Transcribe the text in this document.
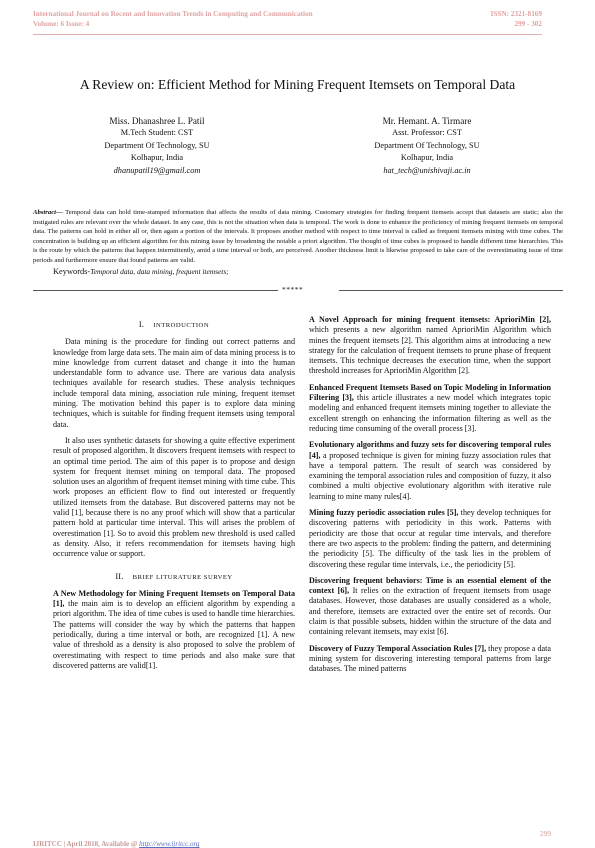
International Journal on Recent and Innovation Trends in Computing and Communication
Volume: 6 Issue: 4
ISSN: 2321-8169
299 - 302
A Review on: Efficient Method for Mining Frequent Itemsets on Temporal Data
Miss. Dhanashree L. Patil
M.Tech Student: CST
Department Of Technology, SU
Kolhapur, India
dhanupatil19@gmail.com
Mr. Hemant. A. Tirmare
Asst. Professor: CST
Department Of Technology, SU
Kolhapur, India
hat_tech@unishivaji.ac.in
Abstract— Temporal data can hold time-stamped information that affects the results of data mining. Customary strategies for finding frequent itemsets accept that datasets are static; also the instigated rules are relevant over the whole dataset. In any case, this is not the situation when data is temporal. The work is done to enhance the proficiency of mining frequent itemsets on temporal data. The patterns can hold in either all or, then again a portion of the intervals. It proposes another method with respect to time interval is called as frequent itemsets mining with time cubes. The concentration is building up an efficient algorithm for this mining issue by broadening the notable a priori algorithm. The thought of time cubes is proposed to handle different time hierarchies. This is the route by which the patterns that happen intermittently, amid a time interval or both, are perceived. Another thickness limit is likewise proposed to take care of the overestimating issue of time periods and furthermore ensure that found patterns are valid.
Keywords-Temporal data, data mining, frequent itemsets;
*****
I. INTRODUCTION

Data mining is the procedure for finding out correct patterns and knowledge from large data sets. The main aim of data mining process is to mine knowledge from current dataset and change it into the human understandable form to advance use. There are various data analysis techniques available for research studies. These analysis techniques include temporal data mining, association rule mining, frequent itemset mining. The motivation behind this paper is to explore data mining techniques, which is suitable for finding frequent itemsets using temporal data.

It also uses synthetic datasets for showing a quite effective experiment result of proposed algorithm. It discovers frequent itemsets with respect to an optimal time period. The aim of this paper is to propose and design system for frequent itemset mining on temporal data. The proposed solution uses an algorithm of frequent itemset mining with time cube. This work proposes an efficient flow to find out interested or frequently utilized itemsets from the database. But discovered patterns may not be valid [1], because there is no any proof which will show that a particular pattern hold at particular time interval. This will arises the problem of overestimation [1]. So to avoid this problem new threshold is used called as density. Also, it refers recommendation for itemsets having high occurrence value or support.

II. BRIEF LITURATURE SURVEY

A New Methodology for Mining Frequent Itemsets on Temporal Data [1], the main aim is to develop an efficient algorithm by expending a priori algorithm. The idea of time cubes is used to handle time hierarchies. The patterns will consider the way by which the patterns that happen periodically, during a time interval or both, are recognized [1]. A new value of threshold as a density is also proposed to solve the problem of overestimating with respect to time periods and also make sure that discovered patterns are valid[1].

A Novel Approach for mining frequent itemsets: AprioriMin [2], which presents a new algorithm named AprioriMin Algorithm which mines the frequent itemsets [2]. This algorithm aims at introducing a new strategy for the calculation of frequent itemsets to prune phase of frequent itemsets. This technique decreases the execution time, when the support threshold increases for AprioriMin Algorithm [2].

Enhanced Frequent Itemsets Based on Topic Modeling in Information Filtering [3], this article illustrates a new model which integrates topic modeling and enhanced frequent itemsets mining together to alleviate the excellent strength on enhancing the information filtering as well as the reducing time consuming of the overall process [3].

Evolutionary algorithms and fuzzy sets for discovering temporal rules [4], a proposed technique is given for mining fuzzy association rules that have a temporal pattern. The result of search was considered by examining the temporal association rules and composition of fuzzy, it also combined a multi objective evolutionary algorithm with iterative rule learning to mine many rules[4].

Mining fuzzy periodic association rules [5], they develop techniques for discovering patterns with periodicity in this work. Patterns with periodicity are those that occur at regular time intervals, and therefore there are two aspects to the problem: finding the pattern, and determining the periodicity [5]. The difficulty of the task lies in the problem of discovering these regular time intervals, i.e., the periodicity [5].

Discovering frequent behaviors: Time is an essential element of the context [6], It relies on the extraction of frequent itemsets from usage databases. However, those databases are usually considered as a whole, and therefore, itemsets are extracted over the entire set of records. Our claim is that possible subsets, hidden within the structure of the data and containing relevant itemsets, may exist [6].

Discovery of Fuzzy Temporal Association Rules [7], they propose a data mining system for discovering interesting temporal patterns from large databases. The mined patterns

299
IJRITCC | April 2018, Available @ http://www.ijritcc.org
